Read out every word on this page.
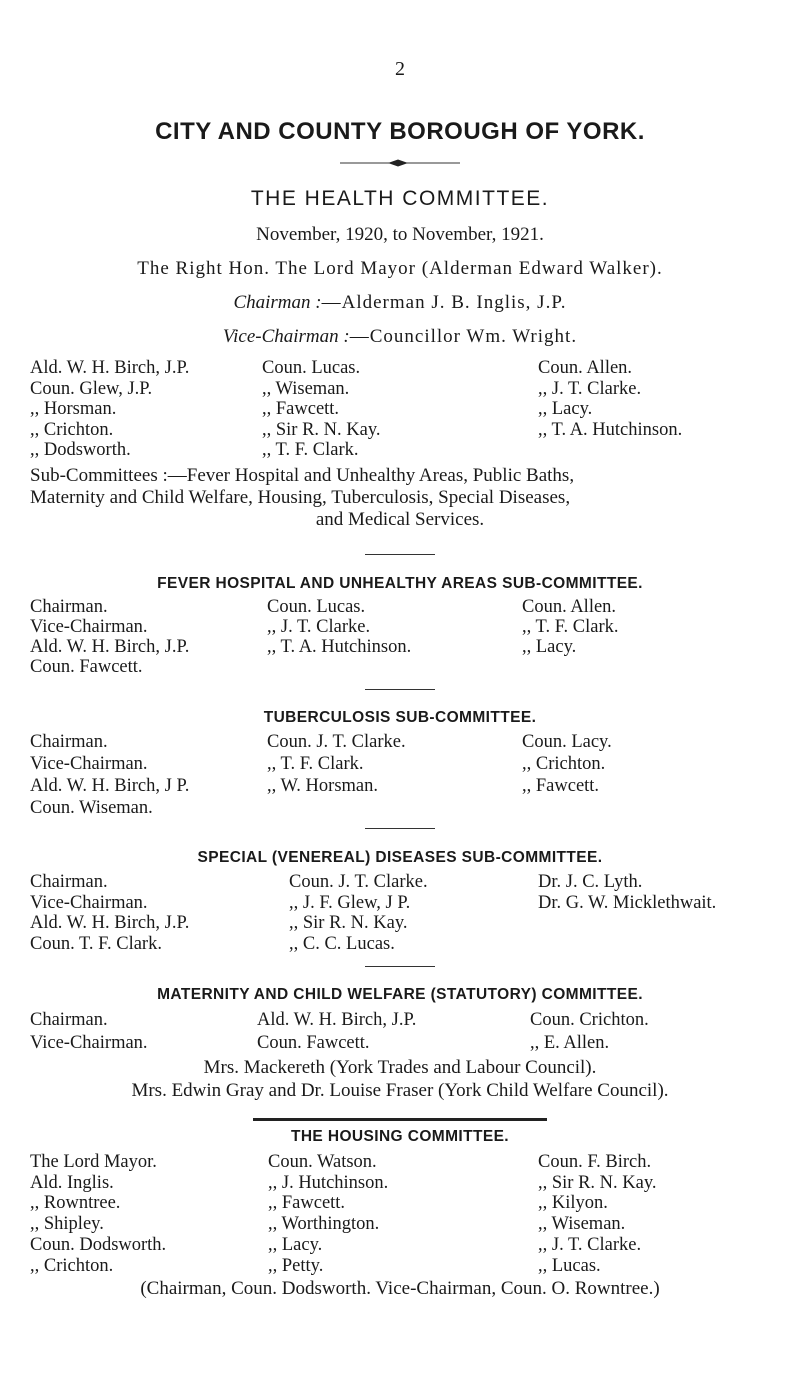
2
CITY AND COUNTY BOROUGH OF YORK.
THE HEALTH COMMITTEE.
November, 1920, to November, 1921.
The Right Hon. The Lord Mayor (Alderman Edward Walker).
Chairman :—Alderman J. B. Inglis, J.P.
Vice-Chairman :—Councillor Wm. Wright.
Ald. W. H. Birch, J.P.
Coun. Glew, J.P.
,, Horsman.
,, Crichton.
,, Dodsworth.
Coun. Lucas.
,, Wiseman.
,, Fawcett.
,, Sir R. N. Kay.
,, T. F. Clark.
Coun. Allen.
,, J. T. Clarke.
,, Lacy.
,, T. A. Hutchinson.
Sub-Committees :—Fever Hospital and Unhealthy Areas, Public Baths,
Maternity and Child Welfare, Housing, Tuberculosis, Special Diseases,
and Medical Services.
FEVER HOSPITAL AND UNHEALTHY AREAS SUB-COMMITTEE.
Chairman.
Vice-Chairman.
Ald. W. H. Birch, J.P.
Coun. Fawcett.
Coun. Lucas.
,, J. T. Clarke.
,, T. A. Hutchinson.
Coun. Allen.
,, T. F. Clark.
,, Lacy.
TUBERCULOSIS SUB-COMMITTEE.
Chairman.
Vice-Chairman.
Ald. W. H. Birch, J P.
Coun. Wiseman.
Coun. J. T. Clarke.
,, T. F. Clark.
,, W. Horsman.
Coun. Lacy.
,, Crichton.
,, Fawcett.
SPECIAL (VENEREAL) DISEASES SUB-COMMITTEE.
Chairman.
Vice-Chairman.
Ald. W. H. Birch, J.P.
Coun. T. F. Clark.
Coun. J. T. Clarke.
,, J. F. Glew, J P.
,, Sir R. N. Kay.
,, C. C. Lucas.
Dr. J. C. Lyth.
Dr. G. W. Micklethwait.
MATERNITY AND CHILD WELFARE (STATUTORY) COMMITTEE.
Chairman.
Vice-Chairman.
Ald. W. H. Birch, J.P.
Coun. Fawcett.
Coun. Crichton.
,, E. Allen.
Mrs. Mackereth (York Trades and Labour Council).
Mrs. Edwin Gray and Dr. Louise Fraser (York Child Welfare Council).
THE HOUSING COMMITTEE.
The Lord Mayor.
Ald. Inglis.
,, Rowntree.
,, Shipley.
Coun. Dodsworth.
,, Crichton.
Coun. Watson.
,, J. Hutchinson.
,, Fawcett.
,, Worthington.
,, Lacy.
,, Petty.
Coun. F. Birch.
,, Sir R. N. Kay.
,, Kilyon.
,, Wiseman.
,, J. T. Clarke.
,, Lucas.
(Chairman, Coun. Dodsworth. Vice-Chairman, Coun. O. Rowntree.)
